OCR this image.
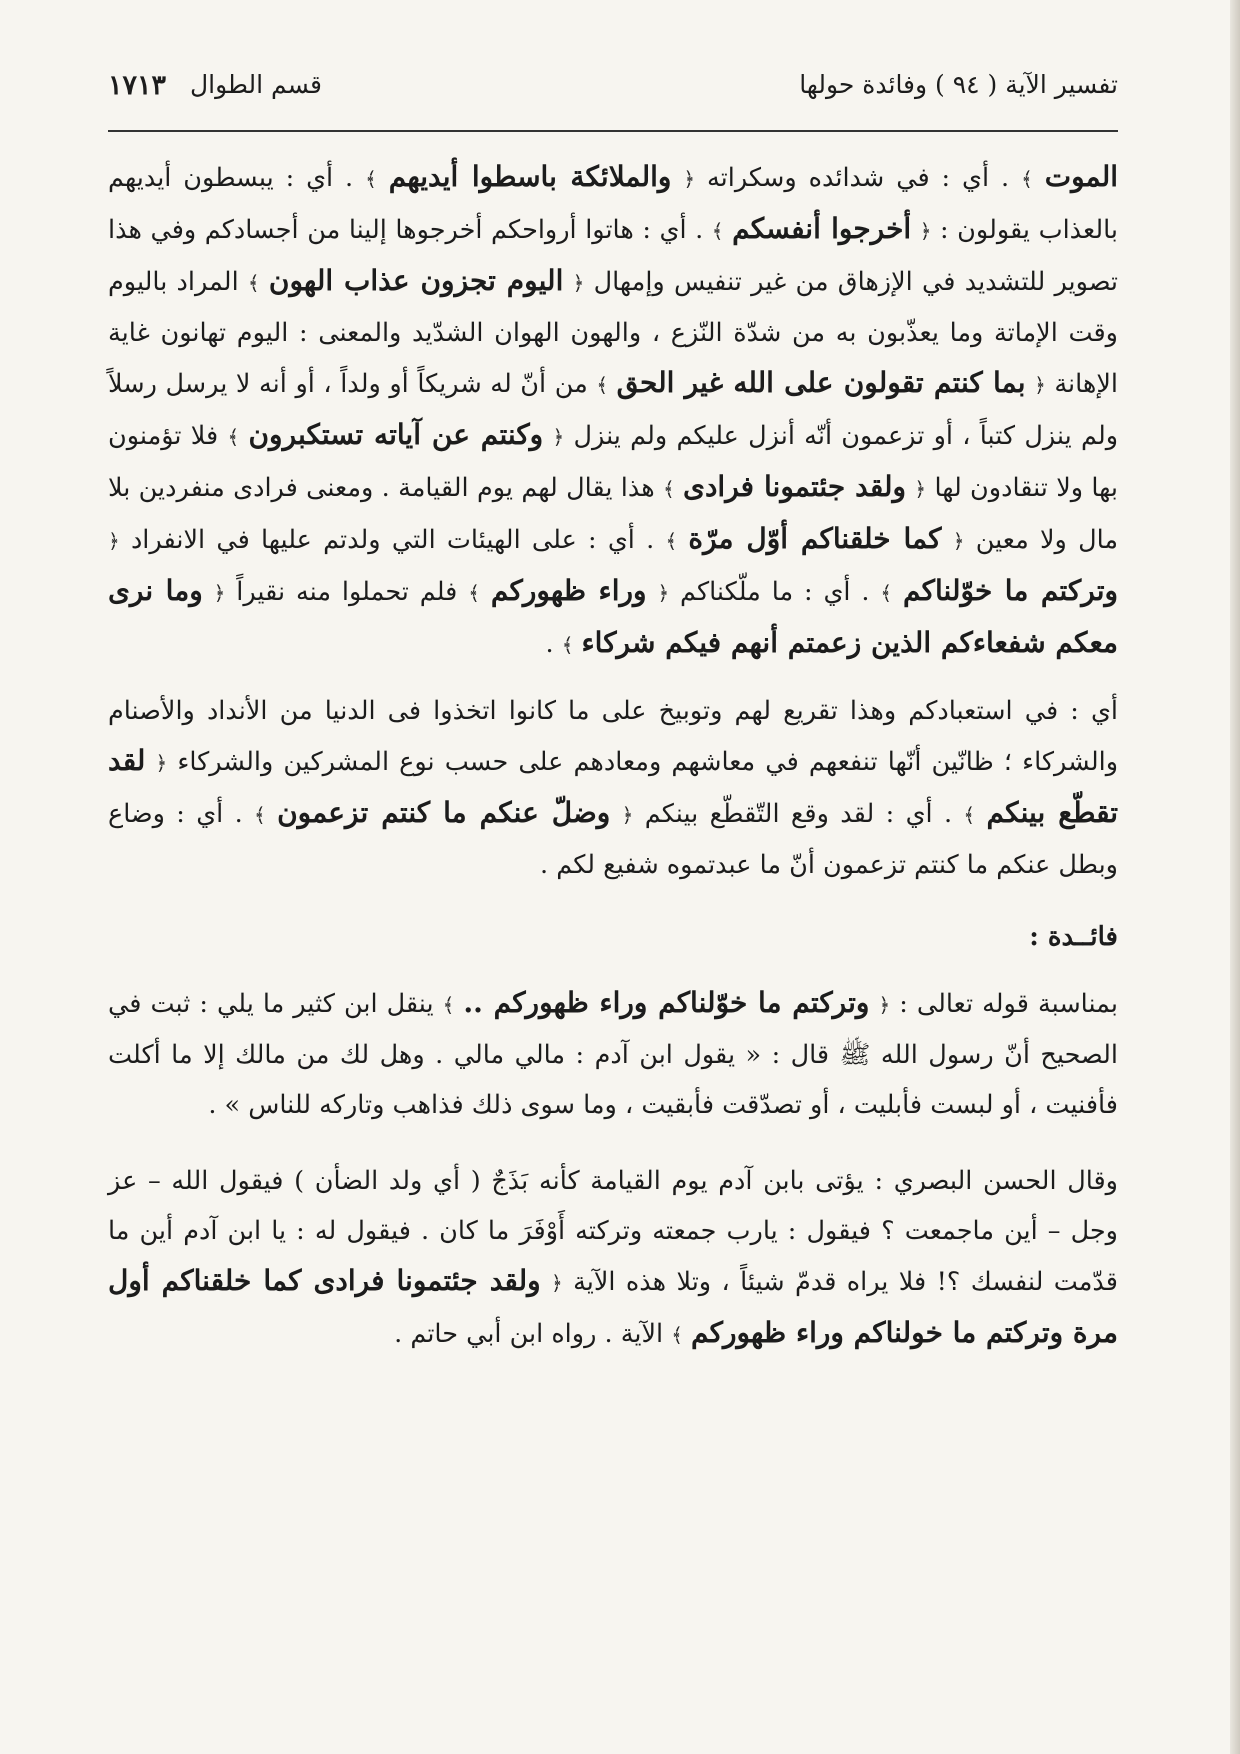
تفسير الآية ( ٩٤ ) وفائدة حولها
قسم الطوال
١٧١٣

الموت ﴾ . أي : في شدائده وسكراته ﴿ والملائكة باسطوا أيديهم ﴾ . أي : يبسطون أيديهم بالعذاب يقولون : ﴿ أخرجوا أنفسكم ﴾ . أي : هاتوا أرواحكم أخرجوها إلينا من أجسادكم وفي هذا تصوير للتشديد في الإزهاق من غير تنفيس وإمهال ﴿ اليوم تجزون عذاب الهون ﴾ المراد باليوم وقت الإماتة وما يعذّبون به من شدّة النّزع ، والهون الهوان الشدّيد والمعنى : اليوم تهانون غاية الإهانة ﴿ بما كنتم تقولون على الله غير الحق ﴾ من أنّ له شريكاً أو ولداً ، أو أنه لا يرسل رسلاً ولم ينزل كتباً ، أو تزعمون أنّه أنزل عليكم ولم ينزل ﴿ وكنتم عن آياته تستكبرون ﴾ فلا تؤمنون بها ولا تنقادون لها ﴿ ولقد جئتمونا فرادى ﴾ هذا يقال لهم يوم القيامة . ومعنى فرادى منفردين بلا مال ولا معين ﴿ كما خلقناكم أوّل مرّة ﴾ . أي : على الهيئات التي ولدتم عليها في الانفراد ﴿ وتركتم ما خوّلناكم ﴾ . أي : ما ملّكناكم ﴿ وراء ظهوركم ﴾ فلم تحملوا منه نقيراً ﴿ وما نرى معكم شفعاءكم الذين زعمتم أنهم فيكم شركاء ﴾ .

أي : في استعبادكم وهذا تقريع لهم وتوبيخ على ما كانوا اتخذوا فى الدنيا من الأنداد والأصنام والشركاء ؛ ظانّين أنّها تنفعهم في معاشهم ومعادهم على حسب نوع المشركين والشركاء ﴿ لقد تقطّع بينكم ﴾ . أي : لقد وقع التّقطّع بينكم ﴿ وضلّ عنكم ما كنتم تزعمون ﴾ . أي : وضاع وبطل عنكم ما كنتم تزعمون أنّ ما عبدتموه شفيع لكم .

فائــدة :

بمناسبة قوله تعالى : ﴿ وتركتم ما خوّلناكم وراء ظهوركم .. ﴾ ينقل ابن كثير ما يلي : ثبت في الصحيح أنّ رسول الله ﷺ قال : « يقول ابن آدم : مالي مالي . وهل لك من مالك إلا ما أكلت فأفنيت ، أو لبست فأبليت ، أو تصدّقت فأبقيت ، وما سوى ذلك فذاهب وتاركه للناس » .

وقال الحسن البصري : يؤتى بابن آدم يوم القيامة كأنه بَذَجٌ ( أي ولد الضأن ) فيقول الله – عز وجل – أين ماجمعت ؟ فيقول : يارب جمعته وتركته أَوْفَرَ ما كان . فيقول له : يا ابن آدم أين ما قدّمت لنفسك ؟! فلا يراه قدمّ شيئاً ، وتلا هذه الآية ﴿ ولقد جئتمونا فرادى كما خلقناكم أول مرة وتركتم ما خولناكم وراء ظهوركم ﴾ الآية . رواه ابن أبي حاتم .
